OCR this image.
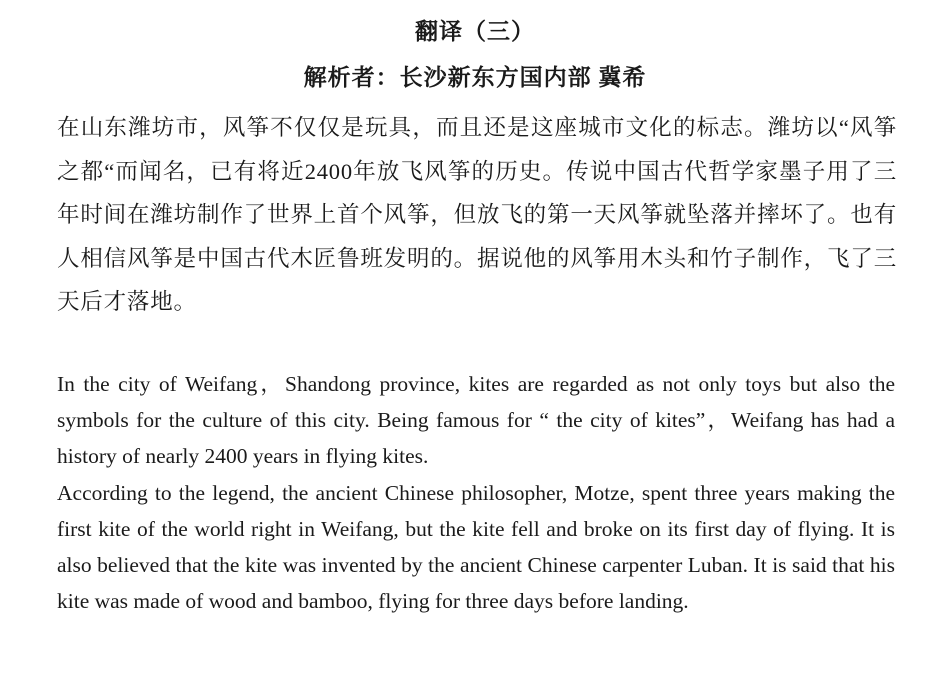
翻译（三）
解析者：长沙新东方国内部 冀希
在山东潍坊市，风筝不仅仅是玩具，而且还是这座城市文化的标志。潍坊以“风筝之都“而闻名，已有将近2400年放飞风筝的历史。传说中国古代哲学家墨子用了三年时间在潍坊制作了世界上首个风筝，但放飞的第一天风筝就坠落并摔坏了。也有人相信风筝是中国古代木匠鲁班发明的。据说他的风筝用木头和竹子制作，飞了三天后才落地。

In the city of Weifang，Shandong province, kites are regarded as not only toys but also the symbols for the culture of this city. Being famous for “ the city of kites”，Weifang has had a history of nearly 2400 years in flying kites.

According to the legend, the ancient Chinese philosopher, Motze, spent three years making the first kite of the world right in Weifang, but the kite fell and broke on its first day of flying. It is also believed that the kite was invented by the ancient Chinese carpenter Luban. It is said that his kite was made of wood and bamboo, flying for three days before landing.
